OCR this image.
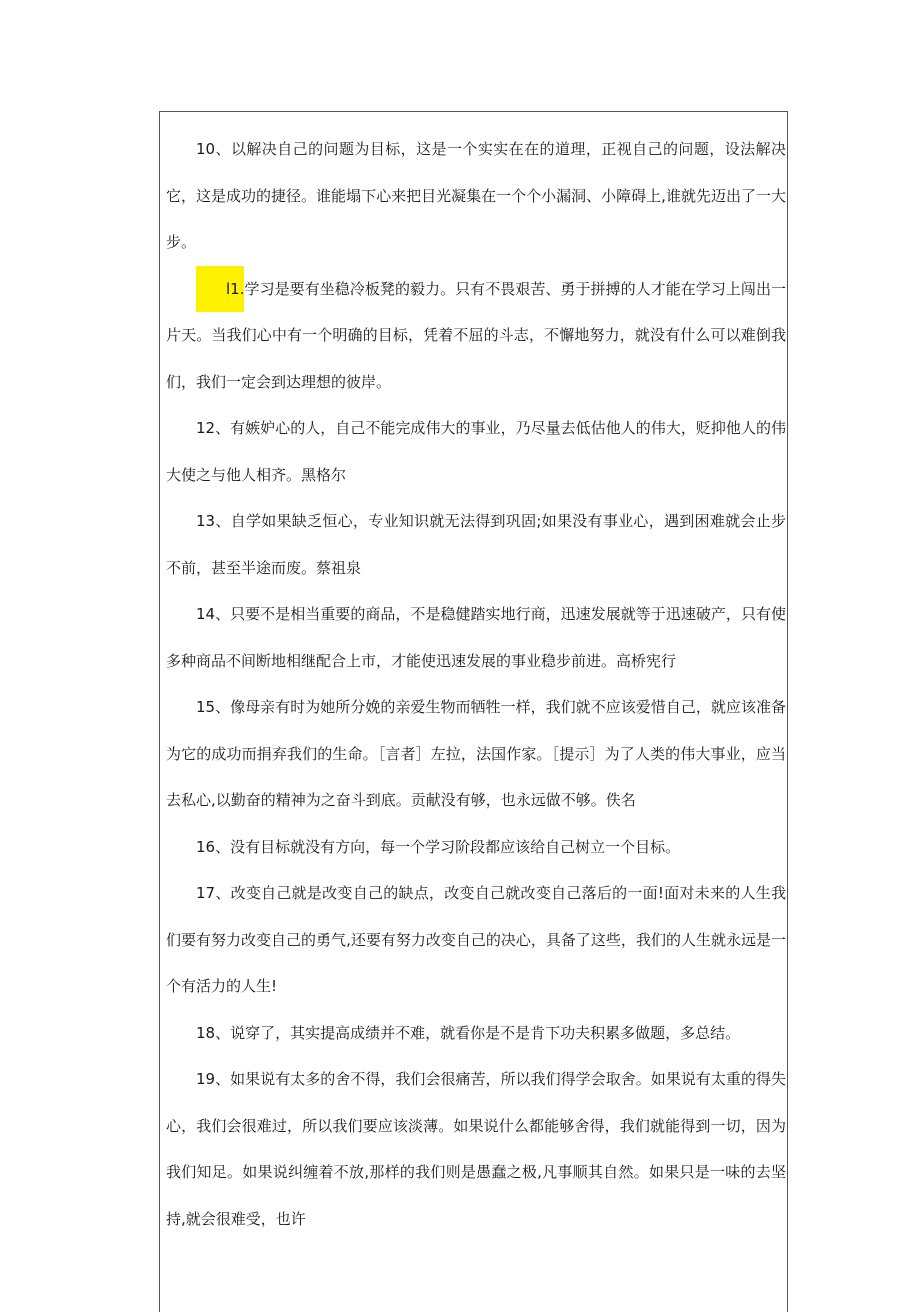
10、以解决自己的问题为目标，这是一个实实在在的道理，正视自己的问题，设法解决它，这是成功的捷径。谁能塌下心来把目光凝集在一个个小漏洞、小障碍上,谁就先迈出了一大步。

l1.学习是要有坐稳冷板凳的毅力。只有不畏艰苦、勇于拼搏的人才能在学习上闯出一片天。当我们心中有一个明确的目标，凭着不屈的斗志，不懈地努力，就没有什么可以难倒我们，我们一定会到达理想的彼岸。

12、有嫉妒心的人，自己不能完成伟大的事业，乃尽量去低估他人的伟大，贬抑他人的伟大使之与他人相齐。黑格尔

13、自学如果缺乏恒心，专业知识就无法得到巩固;如果没有事业心，遇到困难就会止步不前，甚至半途而废。蔡祖泉

14、只要不是相当重要的商品，不是稳健踏实地行商，迅速发展就等于迅速破产，只有使多种商品不间断地相继配合上市，才能使迅速发展的事业稳步前进。高桥宪行

15、像母亲有时为她所分娩的亲爱生物而牺牲一样，我们就不应该爱惜自己，就应该准备为它的成功而捐弃我们的生命。［言者］左拉，法国作家。［提示］为了人类的伟大事业，应当去私心,以勤奋的精神为之奋斗到底。贡献没有够，也永远做不够。佚名

16、没有目标就没有方向，每一个学习阶段都应该给自己树立一个目标。

17、改变自己就是改变自己的缺点，改变自己就改变自己落后的一面!面对未来的人生我们要有努力改变自己的勇气,还要有努力改变自己的决心，具备了这些，我们的人生就永远是一个有活力的人生!

18、说穿了，其实提高成绩并不难，就看你是不是肯下功夫积累多做题，多总结。

19、如果说有太多的舍不得，我们会很痛苦，所以我们得学会取舍。如果说有太重的得失心，我们会很难过，所以我们要应该淡薄。如果说什么都能够舍得，我们就能得到一切，因为我们知足。如果说纠缠着不放,那样的我们则是愚蠢之极,凡事顺其自然。如果只是一味的去坚持,就会很难受，也许
